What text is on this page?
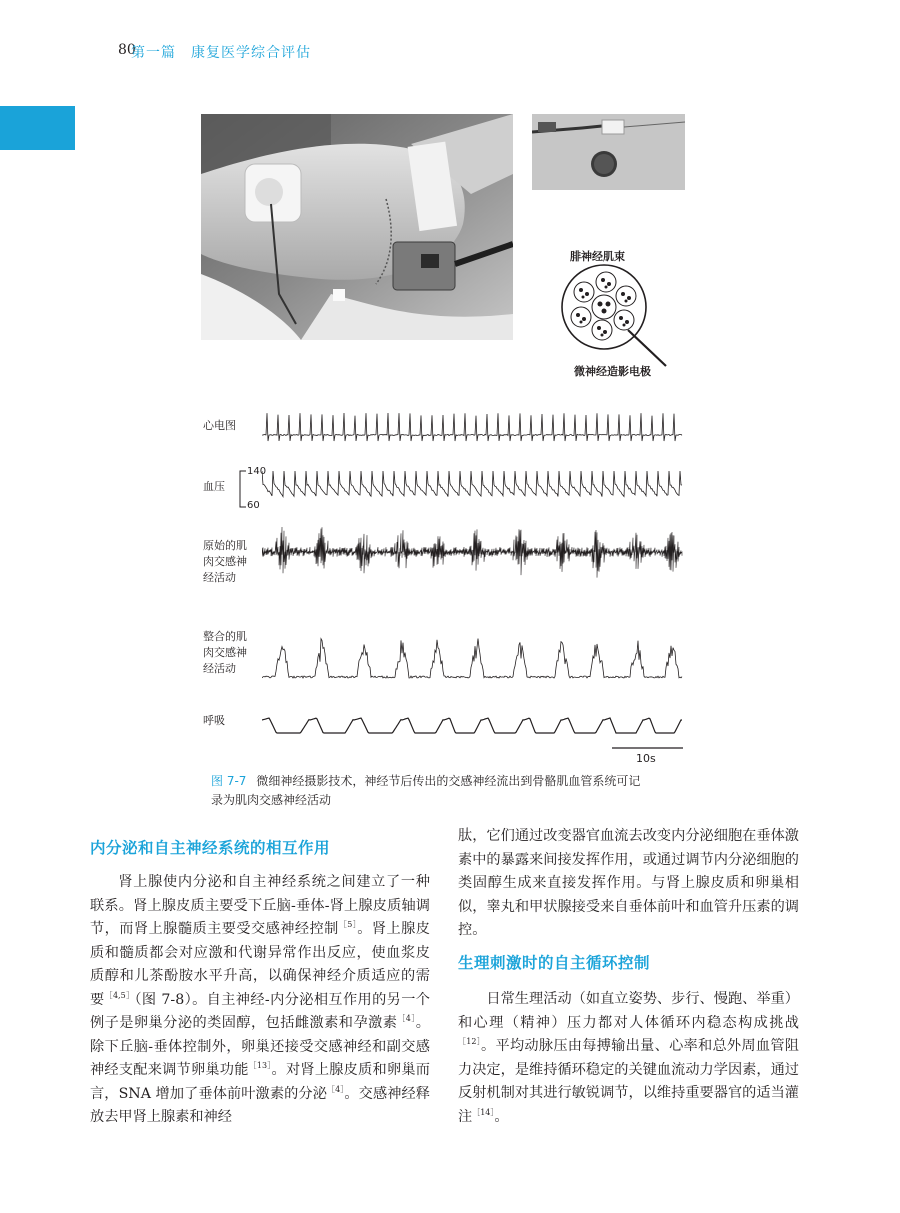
80
第一篇　康复医学综合评估
腓神经肌束
微神经造影电极
心电图
血压
原始的肌
肉交感神
经活动
整合的肌
肉交感神
经活动
呼吸
140
60
10s
图 7-7 微细神经摄影技术，神经节后传出的交感神经流出到骨骼肌血管系统可记
录为肌肉交感神经活动
内分泌和自主神经系统的相互作用

肾上腺使内分泌和自主神经系统之间建立了一种联系。肾上腺皮质主要受下丘脑-垂体-肾上腺皮质轴调节，而肾上腺髓质主要受交感神经控制$^{[5]}$。肾上腺皮质和髓质都会对应激和代谢异常作出反应，使血浆皮质醇和儿茶酚胺水平升高，以确保神经介质适应的需要$^{[4,5]}$（图 7-8）。自主神经-内分泌相互作用的另一个例子是卵巢分泌的类固醇，包括雌激素和孕激素$^{[4]}$。除下丘脑-垂体控制外，卵巢还接受交感神经和副交感神经支配来调节卵巢功能$^{[13]}$。对肾上腺皮质和卵巢而言，SNA 增加了垂体前叶激素的分泌$^{[4]}$。交感神经释放去甲肾上腺素和神经

肽，它们通过改变器官血流去改变内分泌细胞在垂体激素中的暴露来间接发挥作用，或通过调节内分泌细胞的类固醇生成来直接发挥作用。与肾上腺皮质和卵巢相似，睾丸和甲状腺接受来自垂体前叶和血管升压素的调控。

生理刺激时的自主循环控制

日常生理活动（如直立姿势、步行、慢跑、举重）和心理（精神）压力都对人体循环内稳态构成挑战$^{[12]}$。平均动脉压由每搏输出量、心率和总外周血管阻力决定，是维持循环稳定的关键血流动力学因素，通过反射机制对其进行敏锐调节，以维持重要器官的适当灌注$^{[14]}$。
